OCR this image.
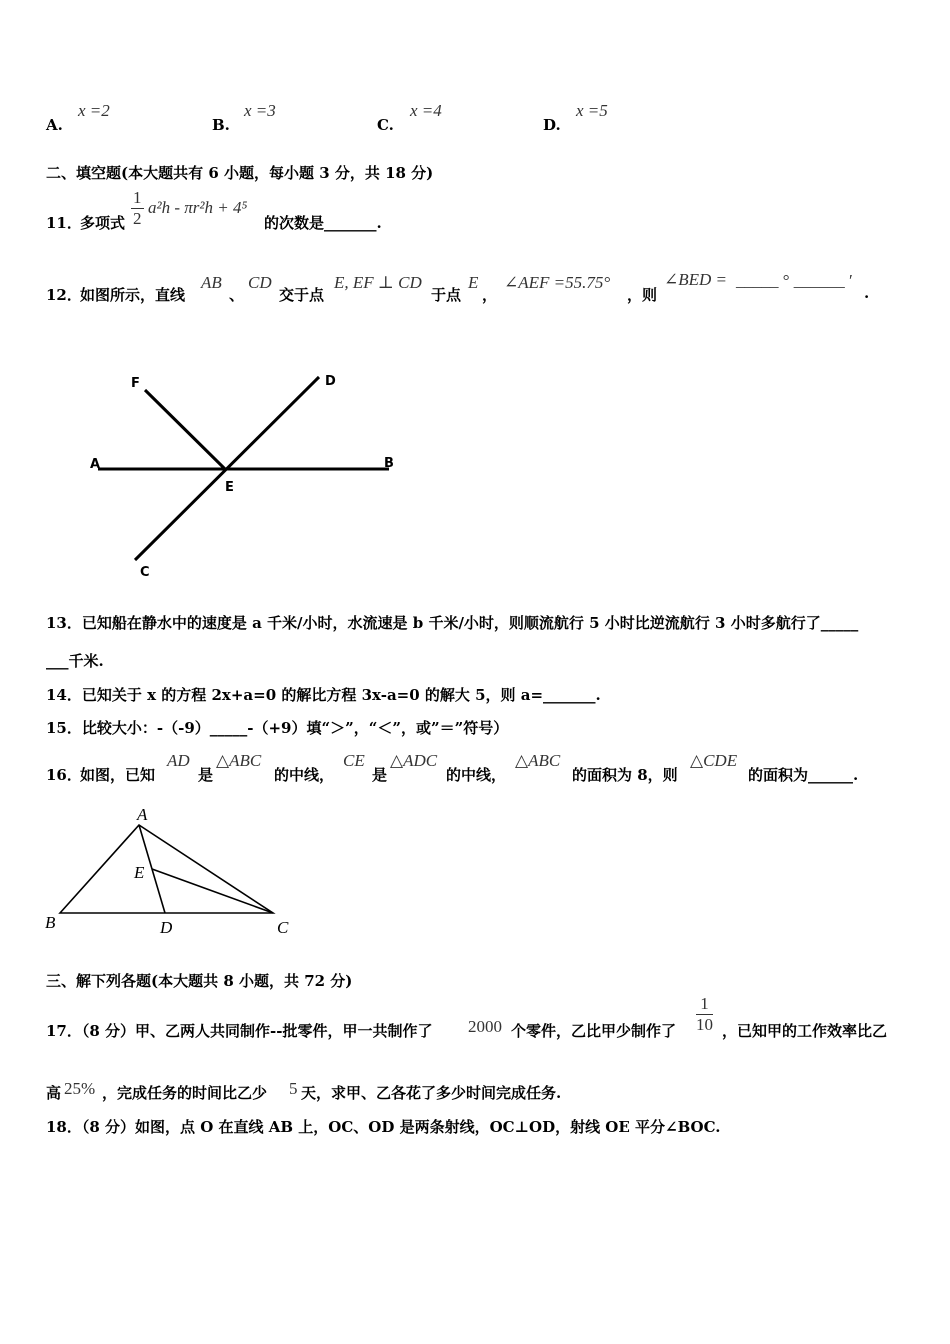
A.
x =2
B.
x =3
C.
x =4
D.
x =5
二、填空题(本大题共有 6 小题，每小题 3 分，共 18 分)
11．
多项式 $\frac{1}{2} a^2h - \pi r^2h + 4^5$
的次数是_______.
12．
如图所示，直线
AB
、
CD
交于点
E, EF ⊥ CD
于点
E
，
∠AEF =55.75°
，则
∠BED = _____ ° ______ ′
.
F	D
A	B
E
C
13．已知船在静水中的速度是 a 千米/小时，水流速是 b 千米/小时，则顺流航行 5 小时比逆流航行 3 小时多航行了_____
___千米.
14．已知关于 x 的方程 2x+a=0 的解比方程 3x-a=0 的解大 5，则 a=_______.
15．比较大小：-（-9）_____-（+9）填“＞”，“＜”，或”＝”符号）
16．
如图，已知
AD
是
△ABC
的中线，
CE
是
△ADC
的中线，
△ABC
的面积为 8，则
△CDE
的面积为______.
A
E
B	D	C
三、解下列各题(本大题共 8 小题，共 72 分)
17．（8 分）甲、乙两人共同制作--批零件，甲一共制作了 2000 个零件，乙比甲少制作了 $\frac{1}{10}$ ，已知甲的工作效率比乙
高 25% ，完成任务的时间比乙少 5 天，求甲、乙各花了多少时间完成任务.
18．（8 分）如图，点 O 在直线 AB 上，OC、OD 是两条射线，OC⊥OD，射线 OE 平分∠BOC.
